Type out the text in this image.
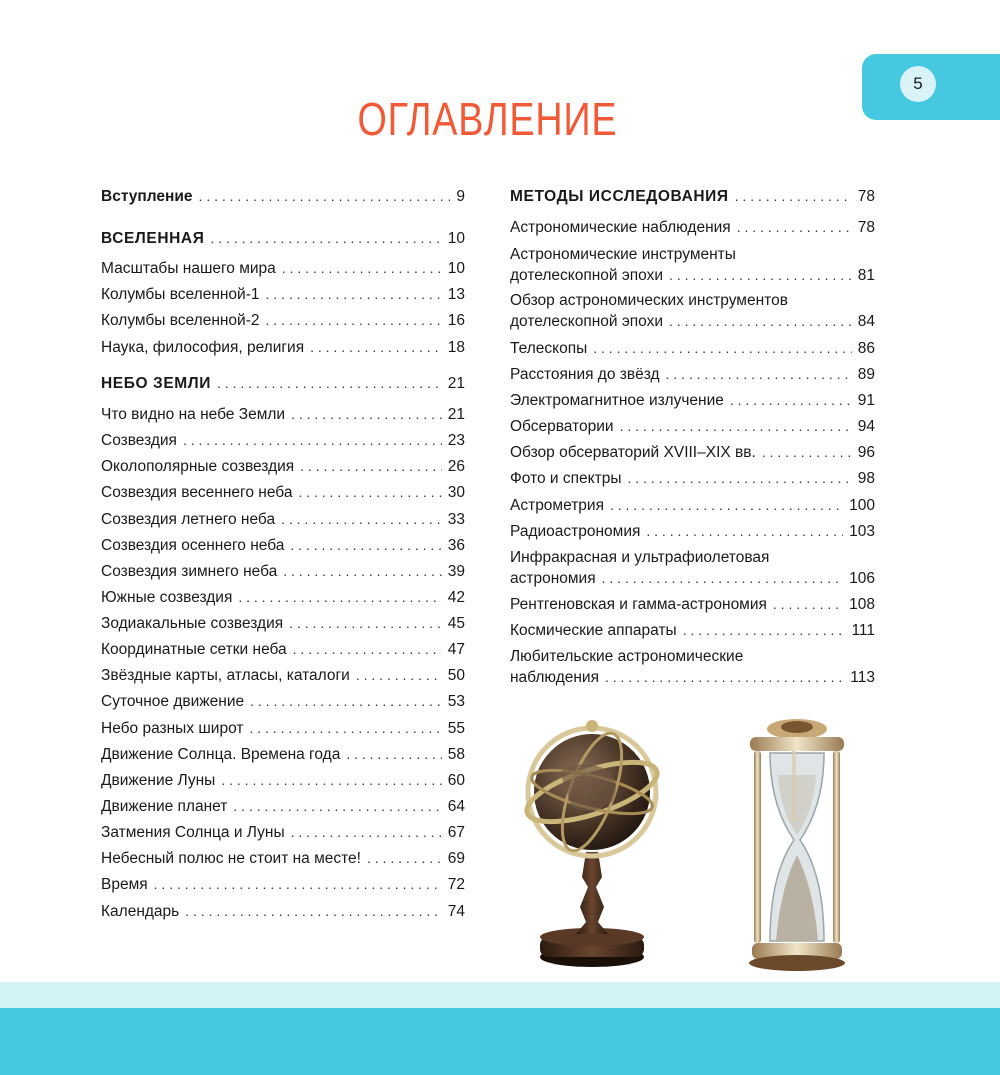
5
ОГЛАВЛЕНИЕ
Вступление . . .	9
ВСЕЛЕННАЯ . . .	10
Масштабы нашего мира . . .	10
Колумбы вселенной-1 . . .	13
Колумбы вселенной-2 . . .	16
Наука, философия, религия . . .	18
НЕБО ЗЕМЛИ . . .	21
Что видно на небе Земли . . .	21
Созвездия . . .	23
Околополярные созвездия . . .	26
Созвездия весеннего неба . . .	30
Созвездия летнего неба . . .	33
Созвездия осеннего неба . . .	36
Созвездия зимнего неба . . .	39
Южные созвездия . . .	42
Зодиакальные созвездия . . .	45
Координатные сетки неба . . .	47
Звёздные карты, атласы, каталоги . . .	50
Суточное движение . . .	53
Небо разных широт . . .	55
Движение Солнца. Времена года . . .	58
Движение Луны . . .	60
Движение планет . . .	64
Затмения Солнца и Луны . . .	67
Небесный полюс не стоит на месте! . . .	69
Время . . .	72
Календарь . . .	74
МЕТОДЫ ИССЛЕДОВАНИЯ . . .	78
Астрономические наблюдения . . .	78
Астрономические инструменты
дотелескопной эпохи . . .	81
Обзор астрономических инструментов
дотелескопной эпохи . . .	84
Телескопы . . .	86
Расстояния до звёзд . . .	89
Электромагнитное излучение . . .	91
Обсерватории . . .	94
Обзор обсерваторий XVIII–XIX вв. . . .	96
Фото и спектры . . .	98
Астрометрия . . .	100
Радиоастрономия . . .	103
Инфракрасная и ультрафиолетовая
астрономия . . .	106
Рентгеновская и гамма-астрономия . . .	108
Космические аппараты . . .	111
Любительские астрономические
наблюдения . . .	113
